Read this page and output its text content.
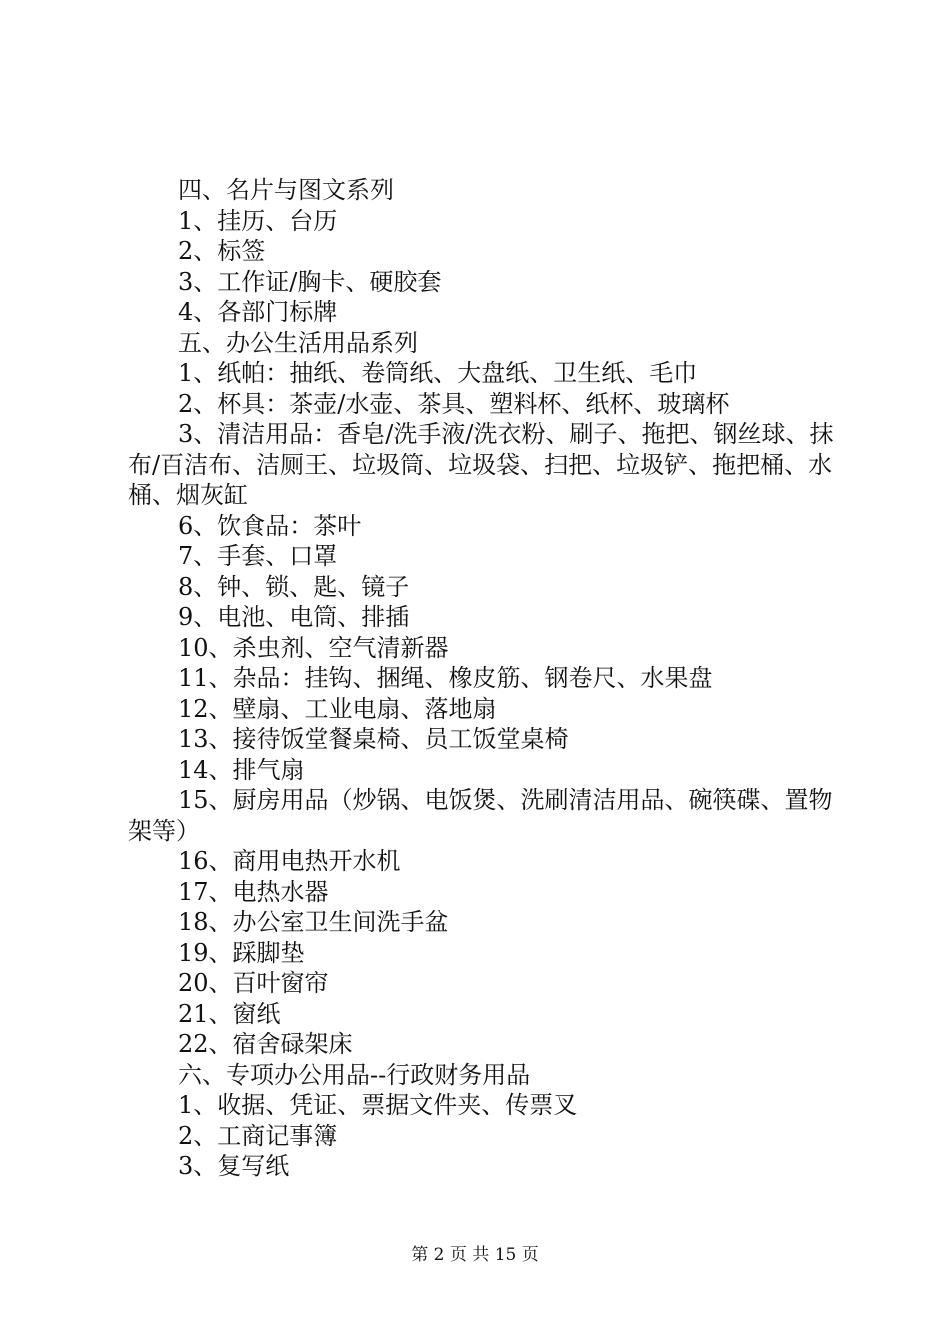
四、名片与图文系列

1、挂历、台历

2、标签

3、工作证/胸卡、硬胶套

4、各部门标牌

五、办公生活用品系列

1、纸帕：抽纸、卷筒纸、大盘纸、卫生纸、毛巾

2、杯具：茶壶/水壶、茶具、塑料杯、纸杯、玻璃杯

3、清洁用品：香皂/洗手液/洗衣粉、刷子、拖把、钢丝球、抹布/百洁布、洁厕王、垃圾筒、垃圾袋、扫把、垃圾铲、拖把桶、水桶、烟灰缸

6、饮食品：茶叶

7、手套、口罩

8、钟、锁、匙、镜子

9、电池、电筒、排插

10、杀虫剂、空气清新器

11、杂品：挂钩、捆绳、橡皮筋、钢卷尺、水果盘

12、壁扇、工业电扇、落地扇

13、接待饭堂餐桌椅、员工饭堂桌椅

14、排气扇

15、厨房用品（炒锅、电饭煲、洗刷清洁用品、碗筷碟、置物架等）

16、商用电热开水机

17、电热水器

18、办公室卫生间洗手盆

19、踩脚垫

20、百叶窗帘

21、窗纸

22、宿舍碌架床

六、专项办公用品--行政财务用品

1、收据、凭证、票据文件夹、传票叉

2、工商记事簿

3、复写纸

第 2 页 共 15 页
